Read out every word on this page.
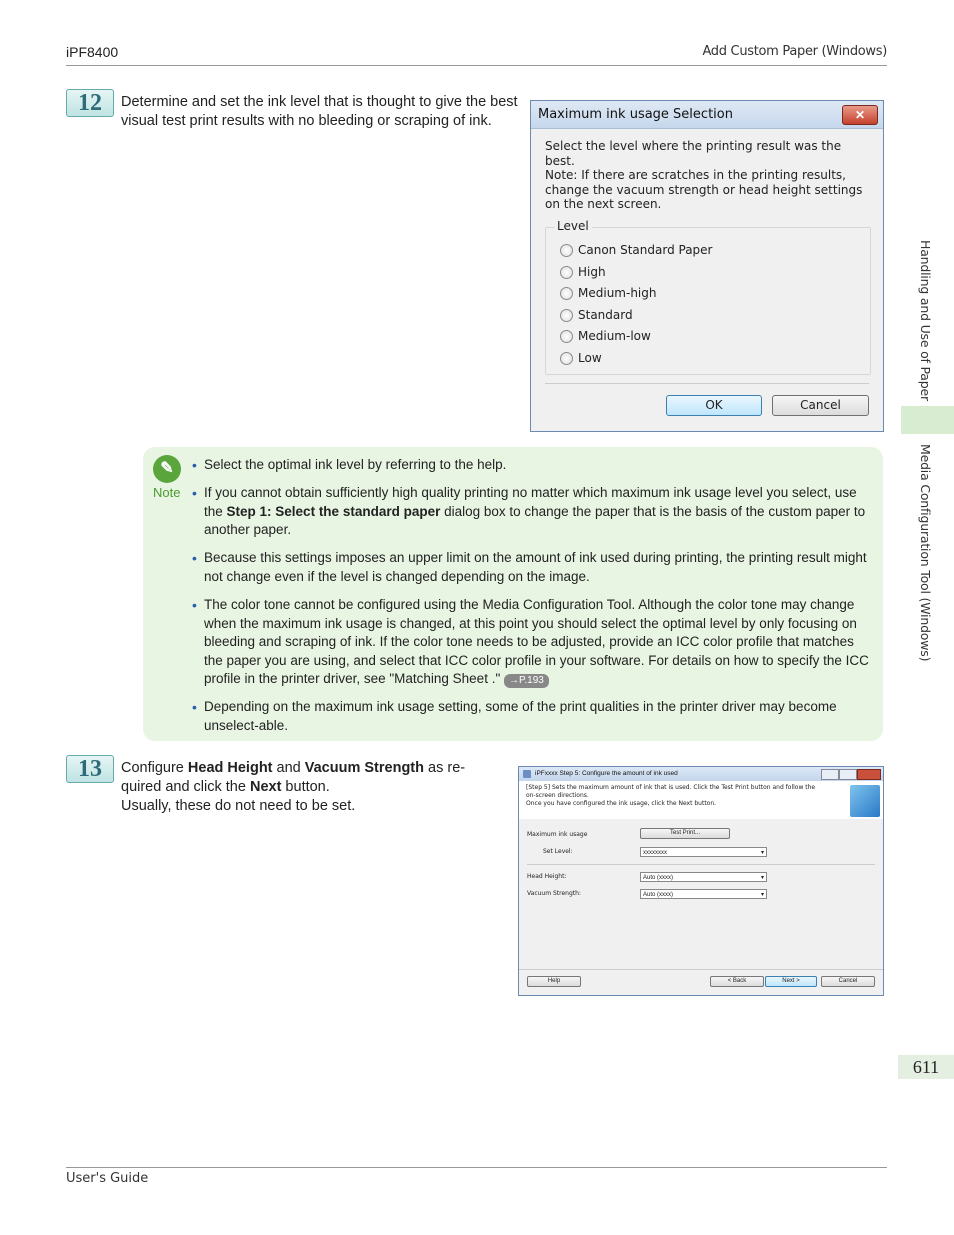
iPF8400	Add Custom Paper (Windows)
12	Determine and set the ink level that is thought to give the best visual test print results with no bleeding or scraping of ink.	Maximum ink usage Selection	✕
Select the level where the printing result was the best.
Note: If there are scratches in the printing results, change the vacuum strength or head height settings on the next screen.
Level
Canon Standard Paper
High
Medium-high
Standard
Medium-low
Low
OK	Cancel
✎
Note
• Select the optimal ink level by referring to the help.
• If you cannot obtain sufficiently high quality printing no matter which maximum ink usage level you select, use the Step 1: Select the standard paper dialog box to change the paper that is the basis of the custom paper to another paper.
• Because this settings imposes an upper limit on the amount of ink used during printing, the printing result might not change even if the level is changed depending on the image.
• The color tone cannot be configured using the Media Configuration Tool. Although the color tone may change when the maximum ink usage is changed, at this point you should select the optimal level by only focusing on bleeding and scraping of ink. If the color tone needs to be adjusted, provide an ICC color profile that matches the paper you are using, and select that ICC color profile in your software. For details on how to specify the ICC profile in the printer driver, see "Matching Sheet ." →P.193
• Depending on the maximum ink usage setting, some of the print qualities in the printer driver may become unselect-able.
13	Configure Head Height and Vacuum Strength as re-quired and click the Next button.
Usually, these do not need to be set.
iPFxxxx Step 5: Configure the amount of ink used
[Step 5] Sets the maximum amount of ink that is used. Click the Test Print button and follow the on-screen directions.
Once you have configured the ink usage, click the Next button.
Maximum ink usage	Test Print...
Set Level:	xxxxxxxx	▾
Head Height:	Auto (xxxx)	▾
Vacuum Strength:	Auto (xxxx)	▾
Help	< Back	Next >	Cancel
Handling and Use of Paper
Media Configuration Tool (Windows)
611
User's Guide
